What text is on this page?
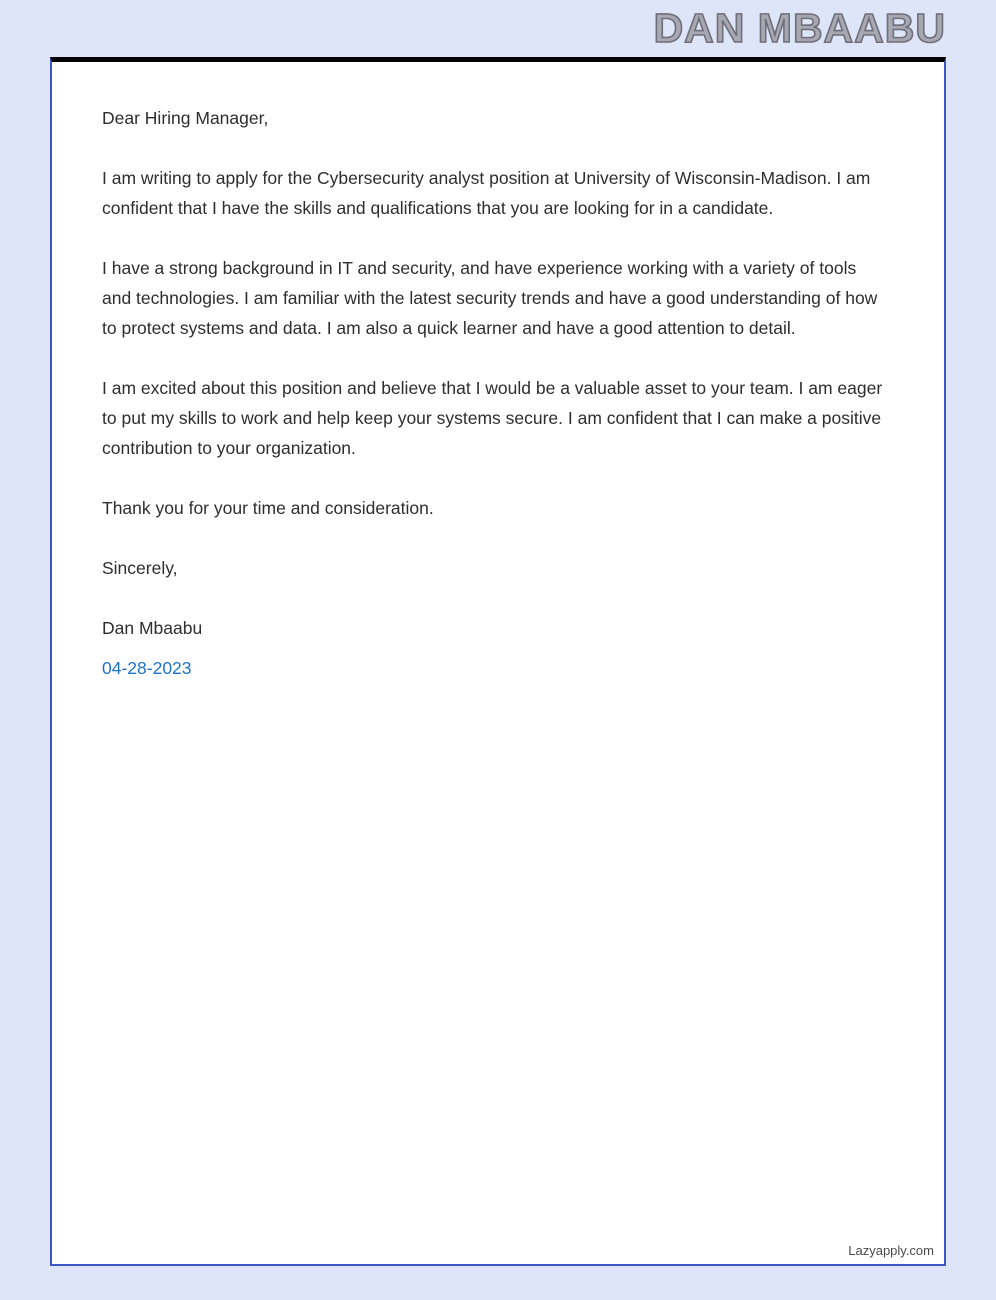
DAN MBAABU

Dear Hiring Manager,

I am writing to apply for the Cybersecurity analyst position at University of Wisconsin-Madison. I am confident that I have the skills and qualifications that you are looking for in a candidate.

I have a strong background in IT and security, and have experience working with a variety of tools and technologies. I am familiar with the latest security trends and have a good understanding of how to protect systems and data. I am also a quick learner and have a good attention to detail.

I am excited about this position and believe that I would be a valuable asset to your team. I am eager to put my skills to work and help keep your systems secure. I am confident that I can make a positive contribution to your organization.

Thank you for your time and consideration.

Sincerely,

Dan Mbaabu

04-28-2023

Lazyapply.com
